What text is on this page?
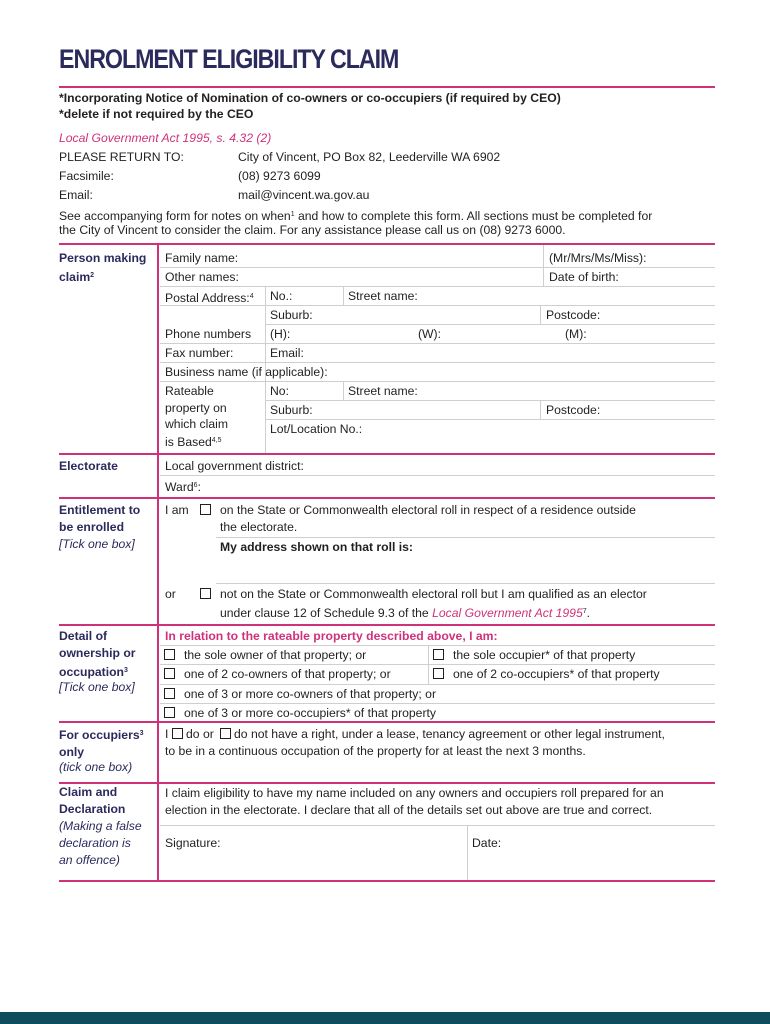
ENROLMENT ELIGIBILITY CLAIM
*Incorporating Notice of Nomination of co-owners or co-occupiers (if required by CEO)
*delete if not required by the CEO
Local Government Act 1995, s. 4.32 (2)
PLEASE RETURN TO:	City of Vincent, PO Box 82, Leederville WA 6902
Facsimile:	(08) 9273 6099
Email:	mail@vincent.wa.gov.au
See accompanying form for notes on when$^1$ and how to complete this form. All sections must be completed for
the City of Vincent to consider the claim. For any assistance please call us on (08) 9273 6000.
Person making
claim$^2$
Family name:	(Mr/Mrs/Ms/Miss):
Other names:	Date of birth:
Postal Address:$^4$ No.:	Street name:
Suburb:	Postcode:
Phone numbers (H):	(W):	(M):
Fax number:	Email:
Business name (if applicable):
Rateable
property on
which claim
is Based$^{4,5}$
No:	Street name:
Suburb:	Postcode:
Lot/Location No.:
Electorate	Local government district:
Ward$^6$:
Entitlement to
be enrolled
[Tick one box]
I am	on the State or Commonwealth electoral roll in respect of a residence outside
the electorate.
My address shown on that roll is:
or	not on the State or Commonwealth electoral roll but I am qualified as an elector
under clause 12 of Schedule 9.3 of the Local Government Act 1995$^7$.
Detail of
ownership or
occupation$^3$
[Tick one box]
In relation to the rateable property described above, I am:
the sole owner of that property; or	the sole occupier* of that property
one of 2 co-owners of that property; or	one of 2 co-occupiers* of that property
one of 3 or more co-owners of that property; or
one of 3 or more co-occupiers* of that property
For occupiers$^3$
only
(tick one box)
I do or do not have a right, under a lease, tenancy agreement or other legal instrument,
to be in a continuous occupation of the property for at least the next 3 months.
Claim and
Declaration
(Making a false
declaration is
an offence)
I claim eligibility to have my name included on any owners and occupiers roll prepared for an
election in the electorate. I declare that all of the details set out above are true and correct.
Signature:	Date:
